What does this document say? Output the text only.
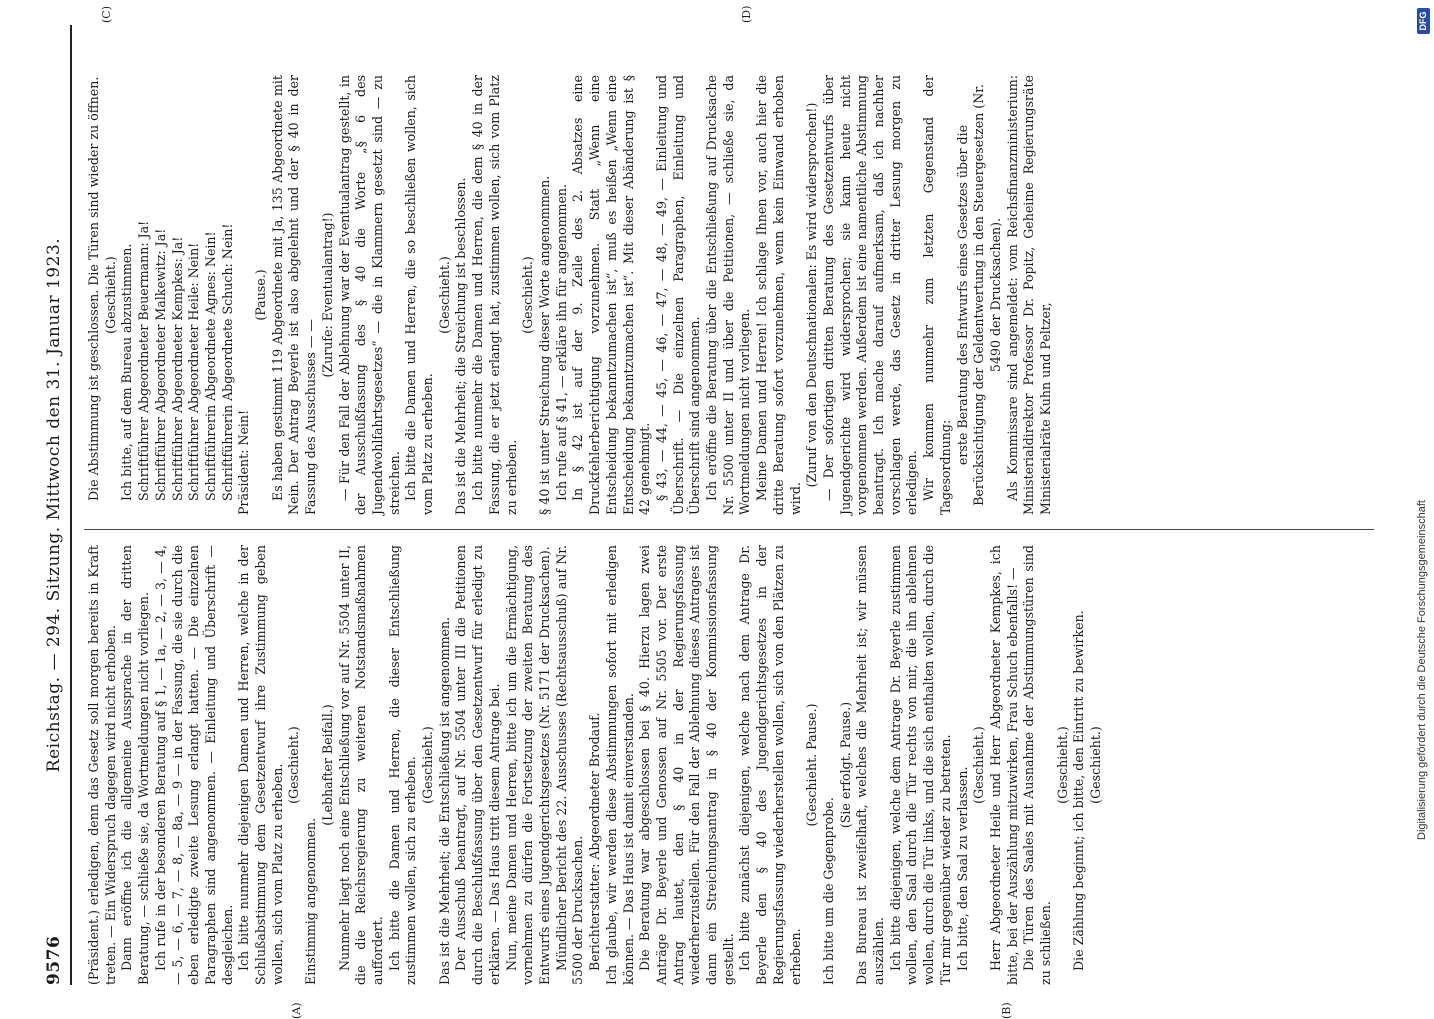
9576
Reichstag. — 294. Sitzung. Mittwoch den 31. Januar 1923.
(A)	(B)
(C)	(D)

(Präsident.) erledigen, denn das Gesetz soll morgen bereits in Kraft treten. — Ein Widerspruch dagegen wird nicht erhoben. Dann eröffne ich die allgemeine Aussprache in der dritten Beratung, — schließe sie, da Wortmeldungen nicht vorliegen. Ich rufe in der besonderen Beratung auf § 1, — 1a, — 2, — 3, — 4, — 5, — 6, — 7, — 8, — 8a, — 9 — in der Fassung, die sie durch die eben erledigte zweite Lesung erlangt hatten. — Die einzelnen Paragraphen sind angenommen. — Einleitung und Überschrift — desgleichen. Ich bitte nunmehr diejenigen Damen und Herren, welche in der Schlußabstimmung dem Gesetzentwurf ihre Zustimmung geben wollen, sich vom Platz zu erheben. (Geschieht.)

Einstimmig angenommen.

(Lebhafter Beifall.) Nunmehr liegt noch eine Entschließung vor auf Nr. 5504 unter II, die die Reichsregierung zu weiteren Notstandsmaßnahmen auffordert. Ich bitte die Damen und Herren, die dieser Entschließung zustimmen wollen, sich zu erheben. (Geschieht.) Das ist die Mehrheit; die Entschließung ist angenommen. Der Ausschuß beantragt, auf Nr. 5504 unter III die Petitionen durch die Beschlußfassung über den Gesetzentwurf für erledigt zu erklären. — Das Haus tritt diesem Antrage bei. Nun, meine Damen und Herren, bitte ich um die Ermächtigung, vornehmen zu dürfen die Fortsetzung der zweiten Beratung des Entwurfs eines Jugendgerichtsgesetzes (Nr. 5171 der Drucksachen). Mündlicher Bericht des 22. Ausschusses (Rechtsausschuß) auf Nr. 5500 der Drucksachen. Berichterstatter: Abgeordneter Brodauf. Ich glaube, wir werden diese Abstimmungen sofort mit erledigen können. — Das Haus ist damit einverstanden. Die Beratung war abgeschlossen bei § 40. Hierzu lagen zwei Anträge Dr. Beyerle und Genossen auf Nr. 5505 vor. Der erste Antrag lautet, den § 40 in der Regierungsfassung wiederherzustellen. Für den Fall der Ablehnung dieses Antrages ist dann ein Streichungsantrag in § 40 der Kommissionsfassung gestellt. Ich bitte zunächst diejenigen, welche nach dem Antrage Dr. Beyerle den § 40 des Jugendgerichtsgesetzes in der Regierungsfassung wiederherstellen wollen, sich von den Plätzen zu erheben.

(Geschieht. Pause.)

Ich bitte um die Gegenprobe.

(Sie erfolgt. Pause.) Das Bureau ist zweifelhaft, welches die Mehrheit ist; wir müssen auszählen. Ich bitte diejenigen, welche dem Antrage Dr. Beyerle zustimmen wollen, den Saal durch die Tür rechts von mir, die ihn ablehnen wollen, durch die Tür links, und die sich enthalten wollen, durch die Tür mir gegenüber wieder zu betreten. Ich bitte, den Saal zu verlassen.

(Geschieht.) Herr Abgeordneter Heile und Herr Abgeordneter Kempkes, ich bitte, bei der Auszählung mitzuwirken, Frau Schuch ebenfalls! — Die Türen des Saales mit Ausnahme der Abstimmungstüren sind zu schließen.

(Geschieht.) Die Zählung beginnt; ich bitte, den Eintritt zu bewirken. (Geschieht.)

Die Abstimmung ist geschlossen. Die Türen sind wieder zu öffnen. (Geschieht.) Ich bitte, auf dem Bureau abzustimmen. Schriftführer Abgeordneter Beuermann: Ja! Schriftführer Abgeordneter Malkewitz: Ja! Schriftführer Abgeordneter Kempkes: Ja! Schriftführer Abgeordneter Heile: Nein! Schriftführerin Abgeordnete Agnes: Nein! Schriftführerin Abgeordnete Schuch: Nein! Präsident: Nein!

(Pause.) Es haben gestimmt 119 Abgeordnete mit Ja, 135 Abgeordnete mit Nein. Der Antrag Beyerle ist also abgelehnt und der § 40 in der Fassung des Ausschusses — —

(Zurufe: Eventualantrag!) — Für den Fall der Ablehnung war der Eventualantrag gestellt, in der Ausschußfassung des § 40 die Worte „§ 6 des Jugendwohlfahrtsgesetzes“ — die in Klammern gesetzt sind — zu streichen. Ich bitte die Damen und Herren, die so beschließen wollen, sich vom Platz zu erheben.

(Geschieht.) Das ist die Mehrheit; die Streichung ist beschlossen. Ich bitte nunmehr die Damen und Herren, die dem § 40 in der Fassung, die er jetzt erlangt hat, zustimmen wollen, sich vom Platz zu erheben.

(Geschieht.) § 40 ist unter Streichung dieser Worte angenommen. Ich rufe auf § 41, — erkläre ihn für angenommen. In § 42 ist auf der 9. Zeile des 2. Absatzes eine Druckfehlerberichtigung vorzunehmen. Statt „Wenn eine Entscheidung bekanntzumachen ist“, muß es heißen „Wenn eine Entscheidung bekanntzumachen ist“. Mit dieser Abänderung ist § 42 genehmigt. § 43, — 44, — 45, — 46, — 47, — 48, — 49, — Einleitung und Überschrift. — Die einzelnen Paragraphen, Einleitung und Überschrift sind angenommen. Ich eröffne die Beratung über die Entschließung auf Drucksache Nr. 5500 unter II und über die Petitionen, — schließe sie, da Wortmeldungen nicht vorliegen. Meine Damen und Herren! Ich schlage Ihnen vor, auch hier die dritte Beratung sofort vorzunehmen, wenn kein Einwand erhoben wird.

(Zuruf von den Deutschnationalen: Es wird widersprochen!) — Der sofortigen dritten Beratung des Gesetzentwurfs über Jugendgerichte wird widersprochen; sie kann heute nicht vorgenommen werden. Außerdem ist eine namentliche Abstimmung beantragt. Ich mache darauf aufmerksam, daß ich nachher vorschlagen werde, das Gesetz in dritter Lesung morgen zu erledigen. Wir kommen nunmehr zum letzten Gegenstand der Tagesordnung:

erste Beratung des Entwurfs eines Gesetzes über die Berücksichtigung der Geldentwertung in den Steuergesetzen (Nr. 5490 der Drucksachen). Als Kommissare sind angemeldet: vom Reichsfinanzministerium: Ministerialdirektor Professor Dr. Popitz, Geheime Regierungsräte Ministerialräte Kuhn und Peltzer,

Digitalisierung gefördert durch die Deutsche Forschungsgemeinschaft
DFG
